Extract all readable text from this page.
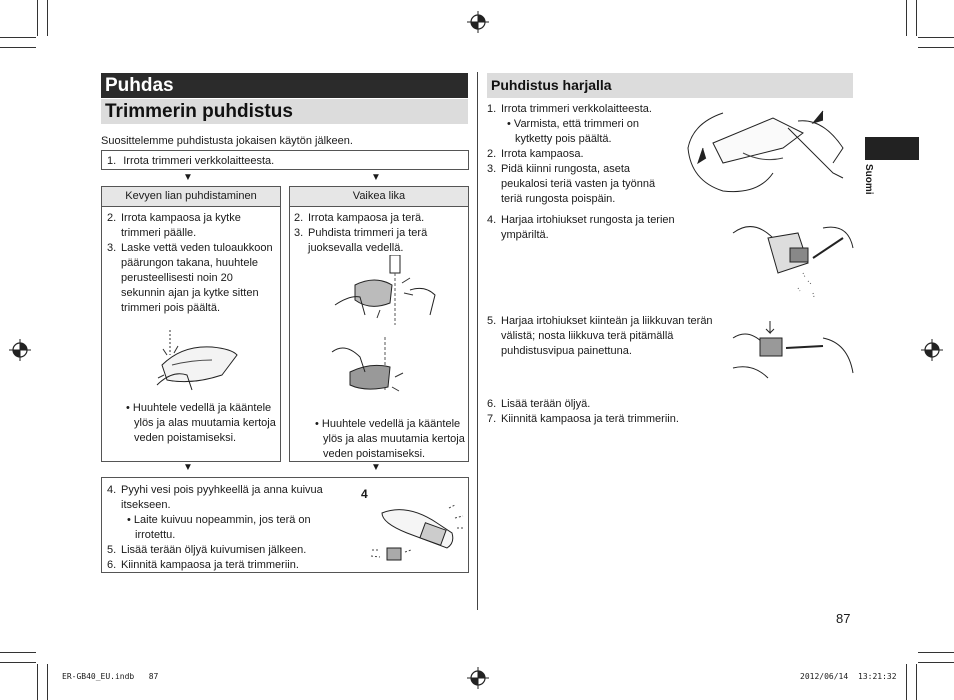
Puhdas
Trimmerin puhdistus
Suosittelemme puhdistusta jokaisen käytön jälkeen.
1. Irrota trimmeri verkkolaitteesta.
▼	▼
Kevyen lian puhdistaminen
2. Irrota kampaosa ja kytke trimmeri päälle.
3. Laske vettä veden tuloaukkoon päärungon takana, huuhtele perusteellisesti noin 20 sekunnin ajan ja kytke sitten trimmeri pois päältä.
• Huuhtele vedellä ja kääntele ylös ja alas muutamia kertoja veden poistamiseksi.
Vaikea lika
2. Irrota kampaosa ja terä.
3. Puhdista trimmeri ja terä juoksevalla vedellä.
• Huuhtele vedellä ja kääntele ylös ja alas muutamia kertoja veden poistamiseksi.
▼	▼
4. Pyyhi vesi pois pyyhkeellä ja anna kuivua itsekseen.
• Laite kuivuu nopeammin, jos terä on irrotettu.
5. Lisää terään öljyä kuivumisen jälkeen.
6. Kiinnitä kampaosa ja terä trimmeriin.
4
Puhdistus harjalla
1. Irrota trimmeri verkkolaitteesta.
• Varmista, että trimmeri on kytketty pois päältä.
2. Irrota kampaosa.
3. Pidä kiinni rungosta, aseta peukalosi teriä vasten ja työnnä teriä rungosta poispäin.
4. Harjaa irtohiukset rungosta ja terien ympäriltä.
5. Harjaa irtohiukset kiinteän ja liikkuvan terän välistä; nosta liikkuva terä pitämällä puhdistusvipua painettuna.
6. Lisää terään öljyä.
7. Kiinnitä kampaosa ja terä trimmeriin.
Suomi
87
ER-GB40_EU.indb 87	2012/06/14 13:21:32
